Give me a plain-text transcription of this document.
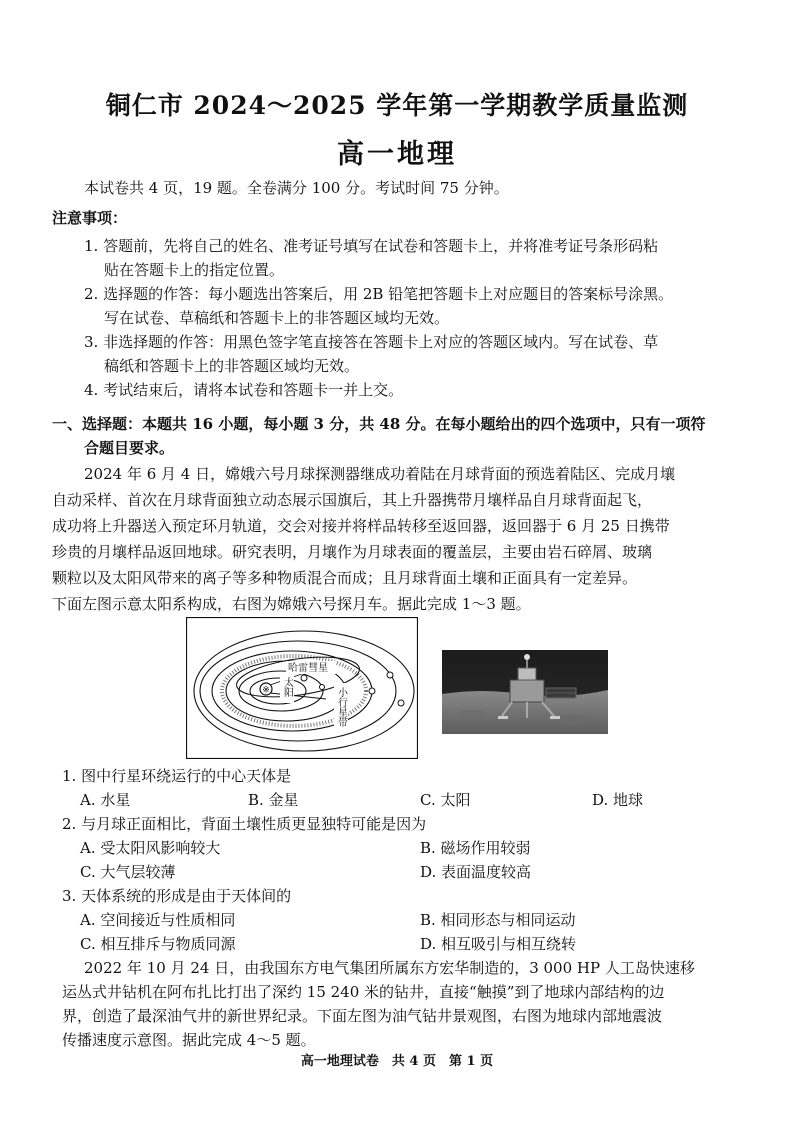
铜仁市 2024～2025 学年第一学期教学质量监测
高一地理
本试卷共 4 页，19 题。全卷满分 100 分。考试时间 75 分钟。
注意事项：
1. 答题前，先将自己的姓名、准考证号填写在试卷和答题卡上，并将准考证号条形码粘
贴在答题卡上的指定位置。
2. 选择题的作答：每小题选出答案后，用 2B 铅笔把答题卡上对应题目的答案标号涂黑。
写在试卷、草稿纸和答题卡上的非答题区域均无效。
3. 非选择题的作答：用黑色签字笔直接答在答题卡上对应的答题区域内。写在试卷、草
稿纸和答题卡上的非答题区域均无效。
4. 考试结束后，请将本试卷和答题卡一并上交。
一、选择题：本题共 16 小题，每小题 3 分，共 48 分。在每小题给出的四个选项中，只有一项符
合题目要求。
2024 年 6 月 4 日，嫦娥六号月球探测器继成功着陆在月球背面的预选着陆区、完成月壤
自动采样、首次在月球背面独立动态展示国旗后，其上升器携带月壤样品自月球背面起飞，
成功将上升器送入预定环月轨道，交会对接并将样品转移至返回器，返回器于 6 月 25 日携带
珍贵的月壤样品返回地球。研究表明，月壤作为月球表面的覆盖层，主要由岩石碎屑、玻璃
颗粒以及太阳风带来的离子等多种物质混合而成；且月球背面土壤和正面具有一定差异。
下面左图示意太阳系构成，右图为嫦娥六号探月车。据此完成 1～3 题。
※
哈雷彗星
太阳	小行星带
1. 图中行星环绕运行的中心天体是
A. 水星	B. 金星	C. 太阳	D. 地球
2. 与月球正面相比，背面土壤性质更显独特可能是因为
A. 受太阳风影响较大	B. 磁场作用较弱
C. 大气层较薄	D. 表面温度较高
3. 天体系统的形成是由于天体间的
A. 空间接近与性质相同	B. 相同形态与相同运动
C. 相互排斥与物质同源	D. 相互吸引与相互绕转
2022 年 10 月 24 日，由我国东方电气集团所属东方宏华制造的，3 000 HP 人工岛快速移
运丛式井钻机在阿布扎比打出了深约 15 240 米的钻井，直接“触摸”到了地球内部结构的边
界，创造了最深油气井的新世界纪录。下面左图为油气钻井景观图，右图为地球内部地震波
传播速度示意图。据此完成 4～5 题。
高一地理试卷　共 4 页　第 1 页
